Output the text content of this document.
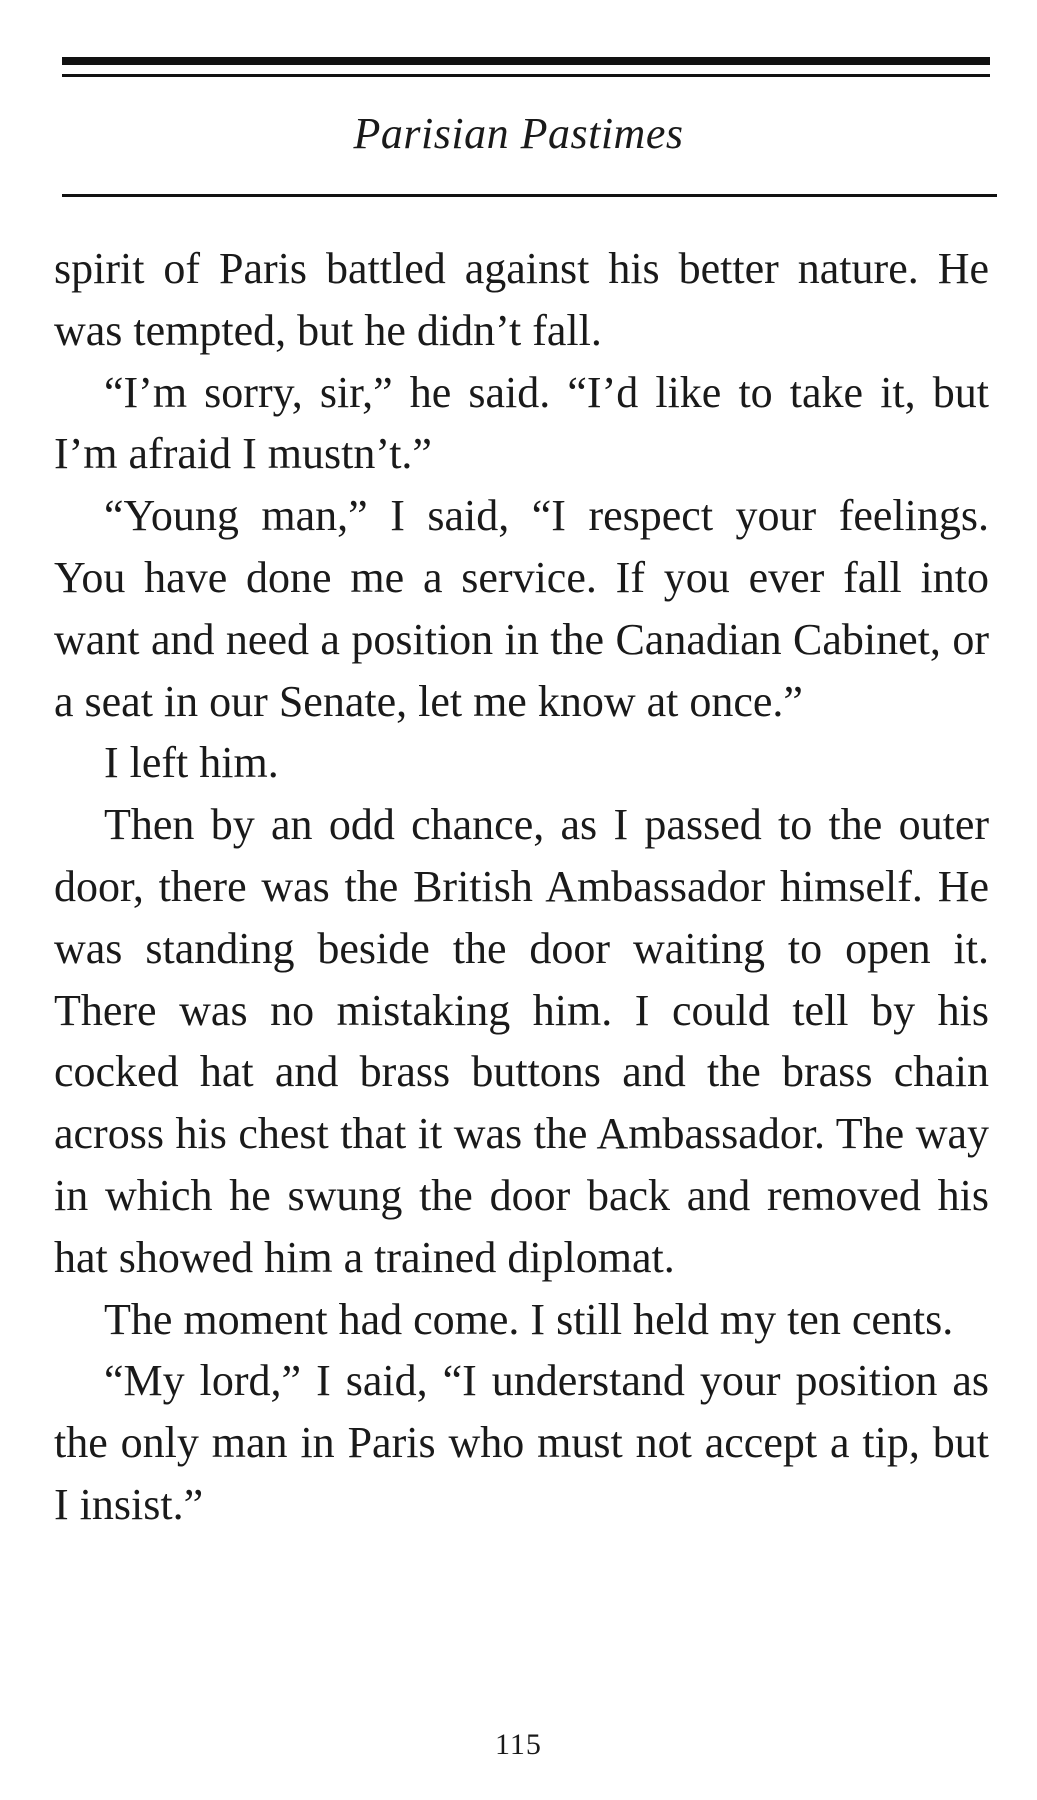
Parisian Pastimes

spirit of Paris battled against his better nature. He was tempted, but he didn’t fall.

“I’m sorry, sir,” he said. “I’d like to take it, but I’m afraid I mustn’t.”

“Young man,” I said, “I respect your feelings. You have done me a service. If you ever fall into want and need a position in the Canadian Cabinet, or a seat in our Senate, let me know at once.”

I left him.

Then by an odd chance, as I passed to the outer door, there was the British Ambassador himself. He was standing beside the door waiting to open it. There was no mistaking him. I could tell by his cocked hat and brass buttons and the brass chain across his chest that it was the Ambassador. The way in which he swung the door back and removed his hat showed him a trained diplomat.

The moment had come. I still held my ten cents.

“My lord,” I said, “I understand your position as the only man in Paris who must not accept a tip, but I insist.”

115
